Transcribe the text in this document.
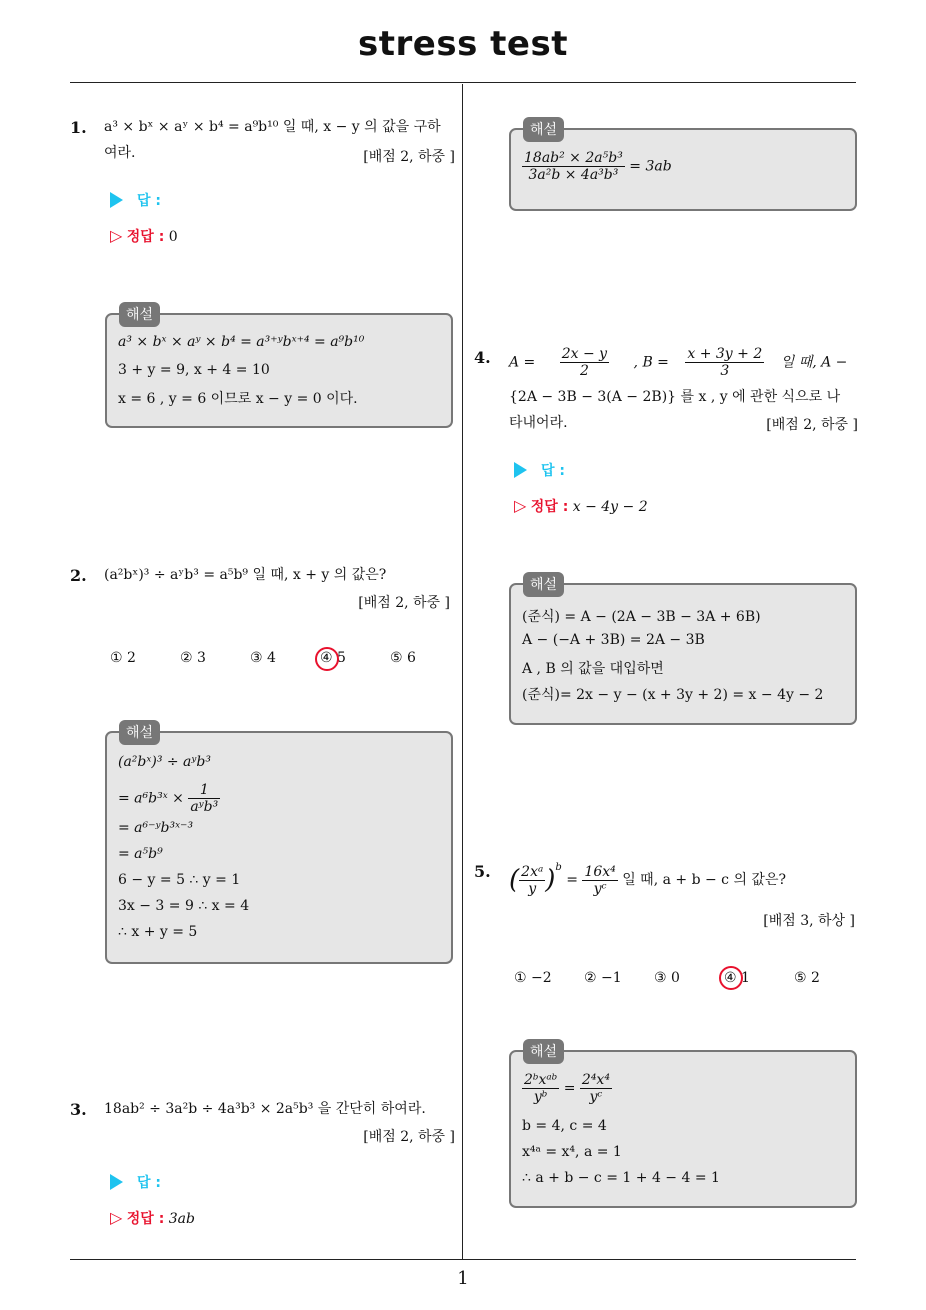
stress test
1
1. a³ × bˣ × aʸ × b⁴ = a⁹b¹⁰ 일 때, x − y 의 값을 구하
여라.	[배점 2, 하중 ]
답 :
▷ 정답 : 0
해설
a³ × bˣ × aʸ × b⁴ = a³⁺ʸbˣ⁺⁴ = a⁹b¹⁰
3 + y = 9, x + 4 = 10
x = 6 , y = 6 이므로 x − y = 0 이다.
2. (a²bˣ)³ ÷ aʸb³ = a⁵b⁹ 일 때, x + y 의 값은?
[배점 2, 하중 ]
① 2	② 3	③ 4	④ 5	⑤ 6
해설
(a²bˣ)³ ÷ aʸb³
= a⁶b³ˣ × $\frac{1}{\text{aʸb³}}$
= a⁶⁻ʸb³ˣ⁻³
= a⁵b⁹
6 − y = 5 ∴ y = 1
3x − 3 = 9 ∴ x = 4
∴ x + y = 5
3. 18ab² ÷ 3a²b ÷ 4a³b³ × 2a⁵b³ 을 간단히 하여라.
[배점 2, 하중 ]
답 :
▷ 정답 : 3ab
해설
$\frac{\text{18ab² × 2a⁵b³}}{\text{3a²b × 4a³b³}} = 3ab$
4. $A = \frac{2x - y}{2}$ , $B = \frac{x + 3y + 2}{3}$ 일 때, A −
{2A − 3B − 3(A − 2B)} 를 x , y 에 관한 식으로 나
타내어라.	[배점 2, 하중 ]
답 :
▷ 정답 : x − 4y − 2
해설
(준식) = A − (2A − 3B − 3A + 6B)
A − (−A + 3B) = 2A − 3B
A , B 의 값을 대입하면
(준식)= 2x − y − (x + 3y + 2) = x − 4y − 2
5. ( $\frac{\text{2xᵃ}}{y} )^b = \frac{\text{16x⁴}}{\text{yᶜ}}$ 일 때, a + b − c 의 값은?
[배점 3, 하상 ]
① −2 ② −1 ③ 0	④ 1	⑤ 2
해설
$\frac{\text{2ᵇxᵃᵇ}}{\text{yᵇ}} = \frac{\text{2⁴x⁴}}{\text{yᶜ}}$
b = 4, c = 4
x⁴ᵃ = x⁴, a = 1
∴ a + b − c = 1 + 4 − 4 = 1
